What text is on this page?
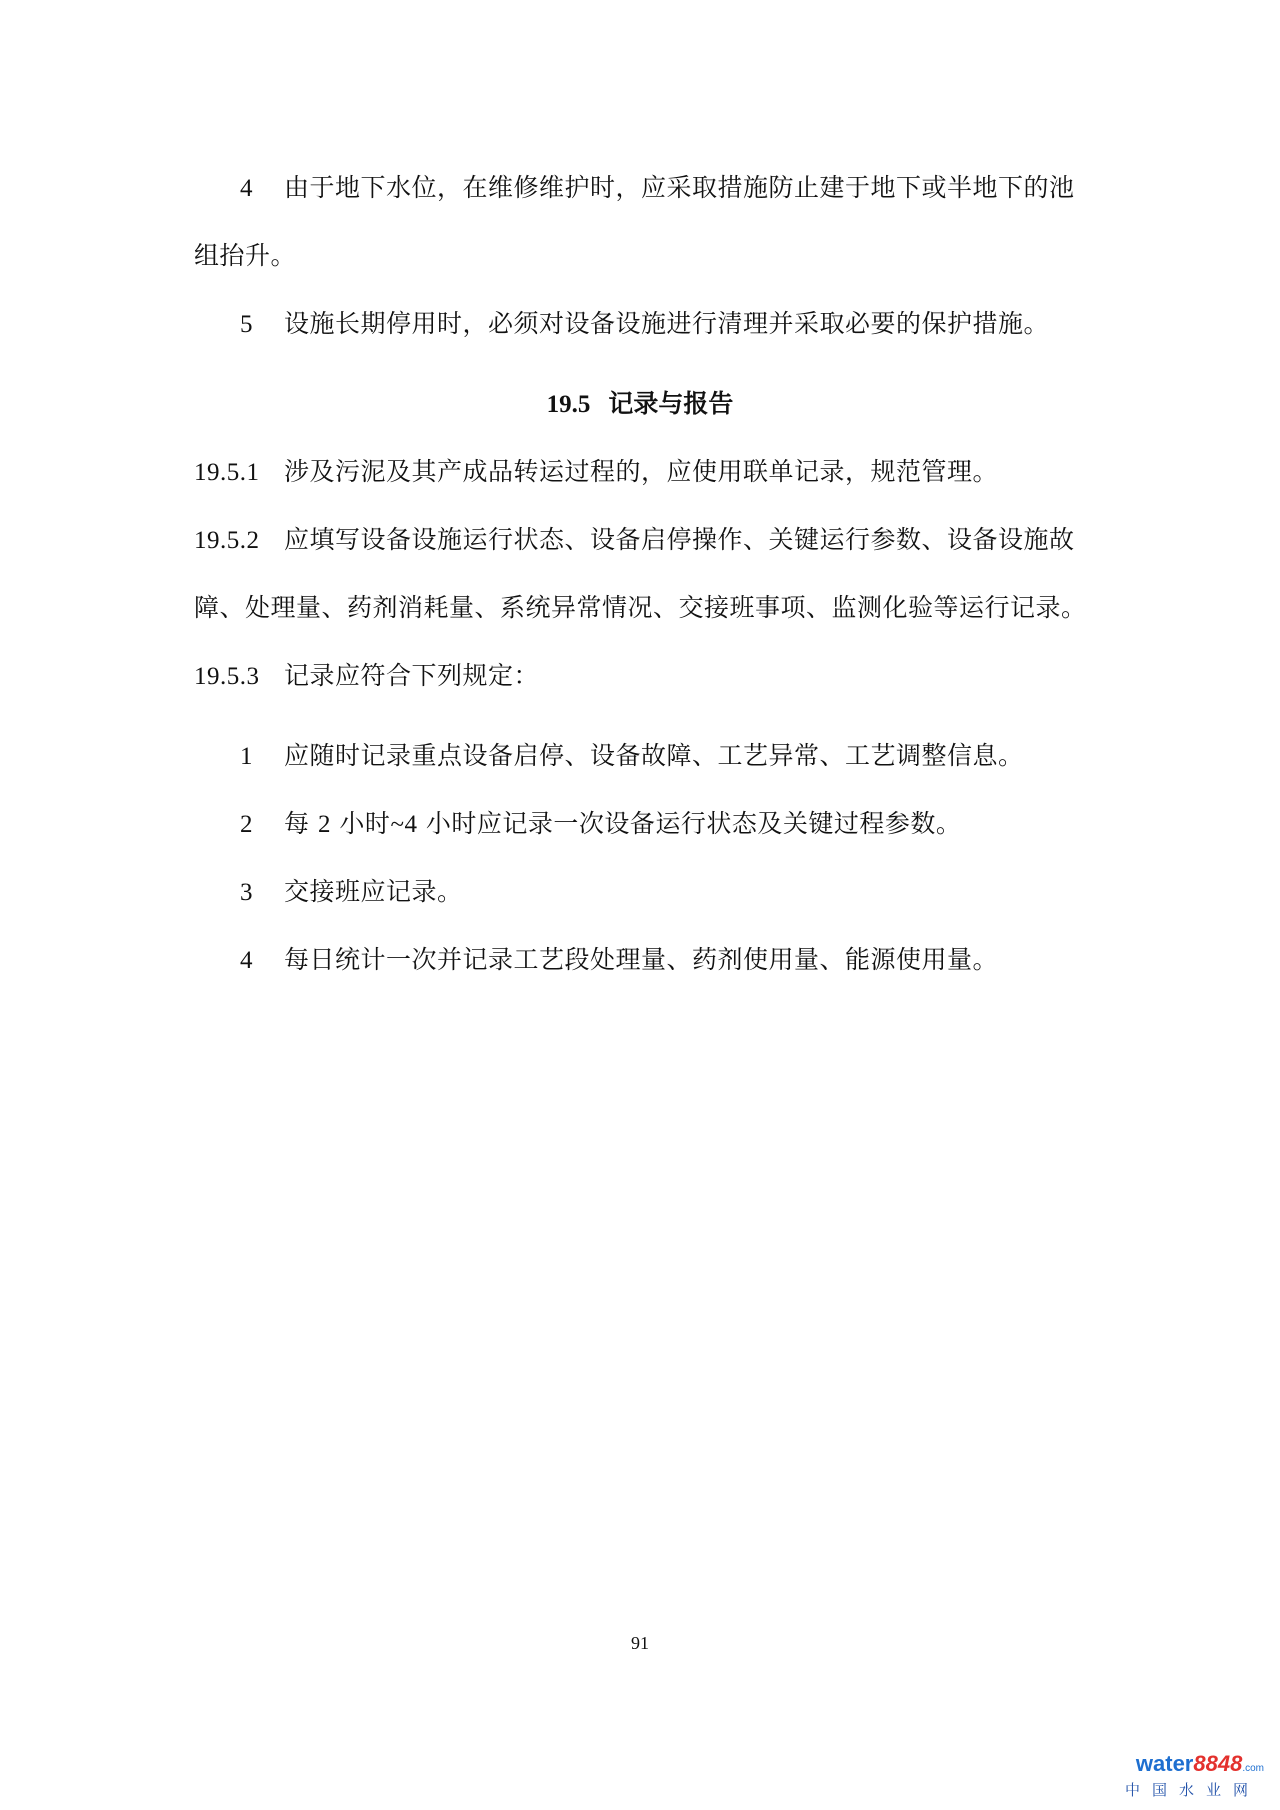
4 由于地下水位，在维修维护时，应采取措施防止建于地下或半地下的池
组抬升。
5 设施长期停用时，必须对设备设施进行清理并采取必要的保护措施。
19.5 记录与报告
19.5.1 涉及污泥及其产成品转运过程的，应使用联单记录，规范管理。
19.5.2 应填写设备设施运行状态、设备启停操作、关键运行参数、设备设施故
障、处理量、药剂消耗量、系统异常情况、交接班事项、监测化验等运行记录。
19.5.3 记录应符合下列规定：
1 应随时记录重点设备启停、设备故障、工艺异常、工艺调整信息。
2 每 2 小时~4 小时应记录一次设备运行状态及关键过程参数。
3 交接班应记录。
4 每日统计一次并记录工艺段处理量、药剂使用量、能源使用量。
91
water8848.com
中国水业网
